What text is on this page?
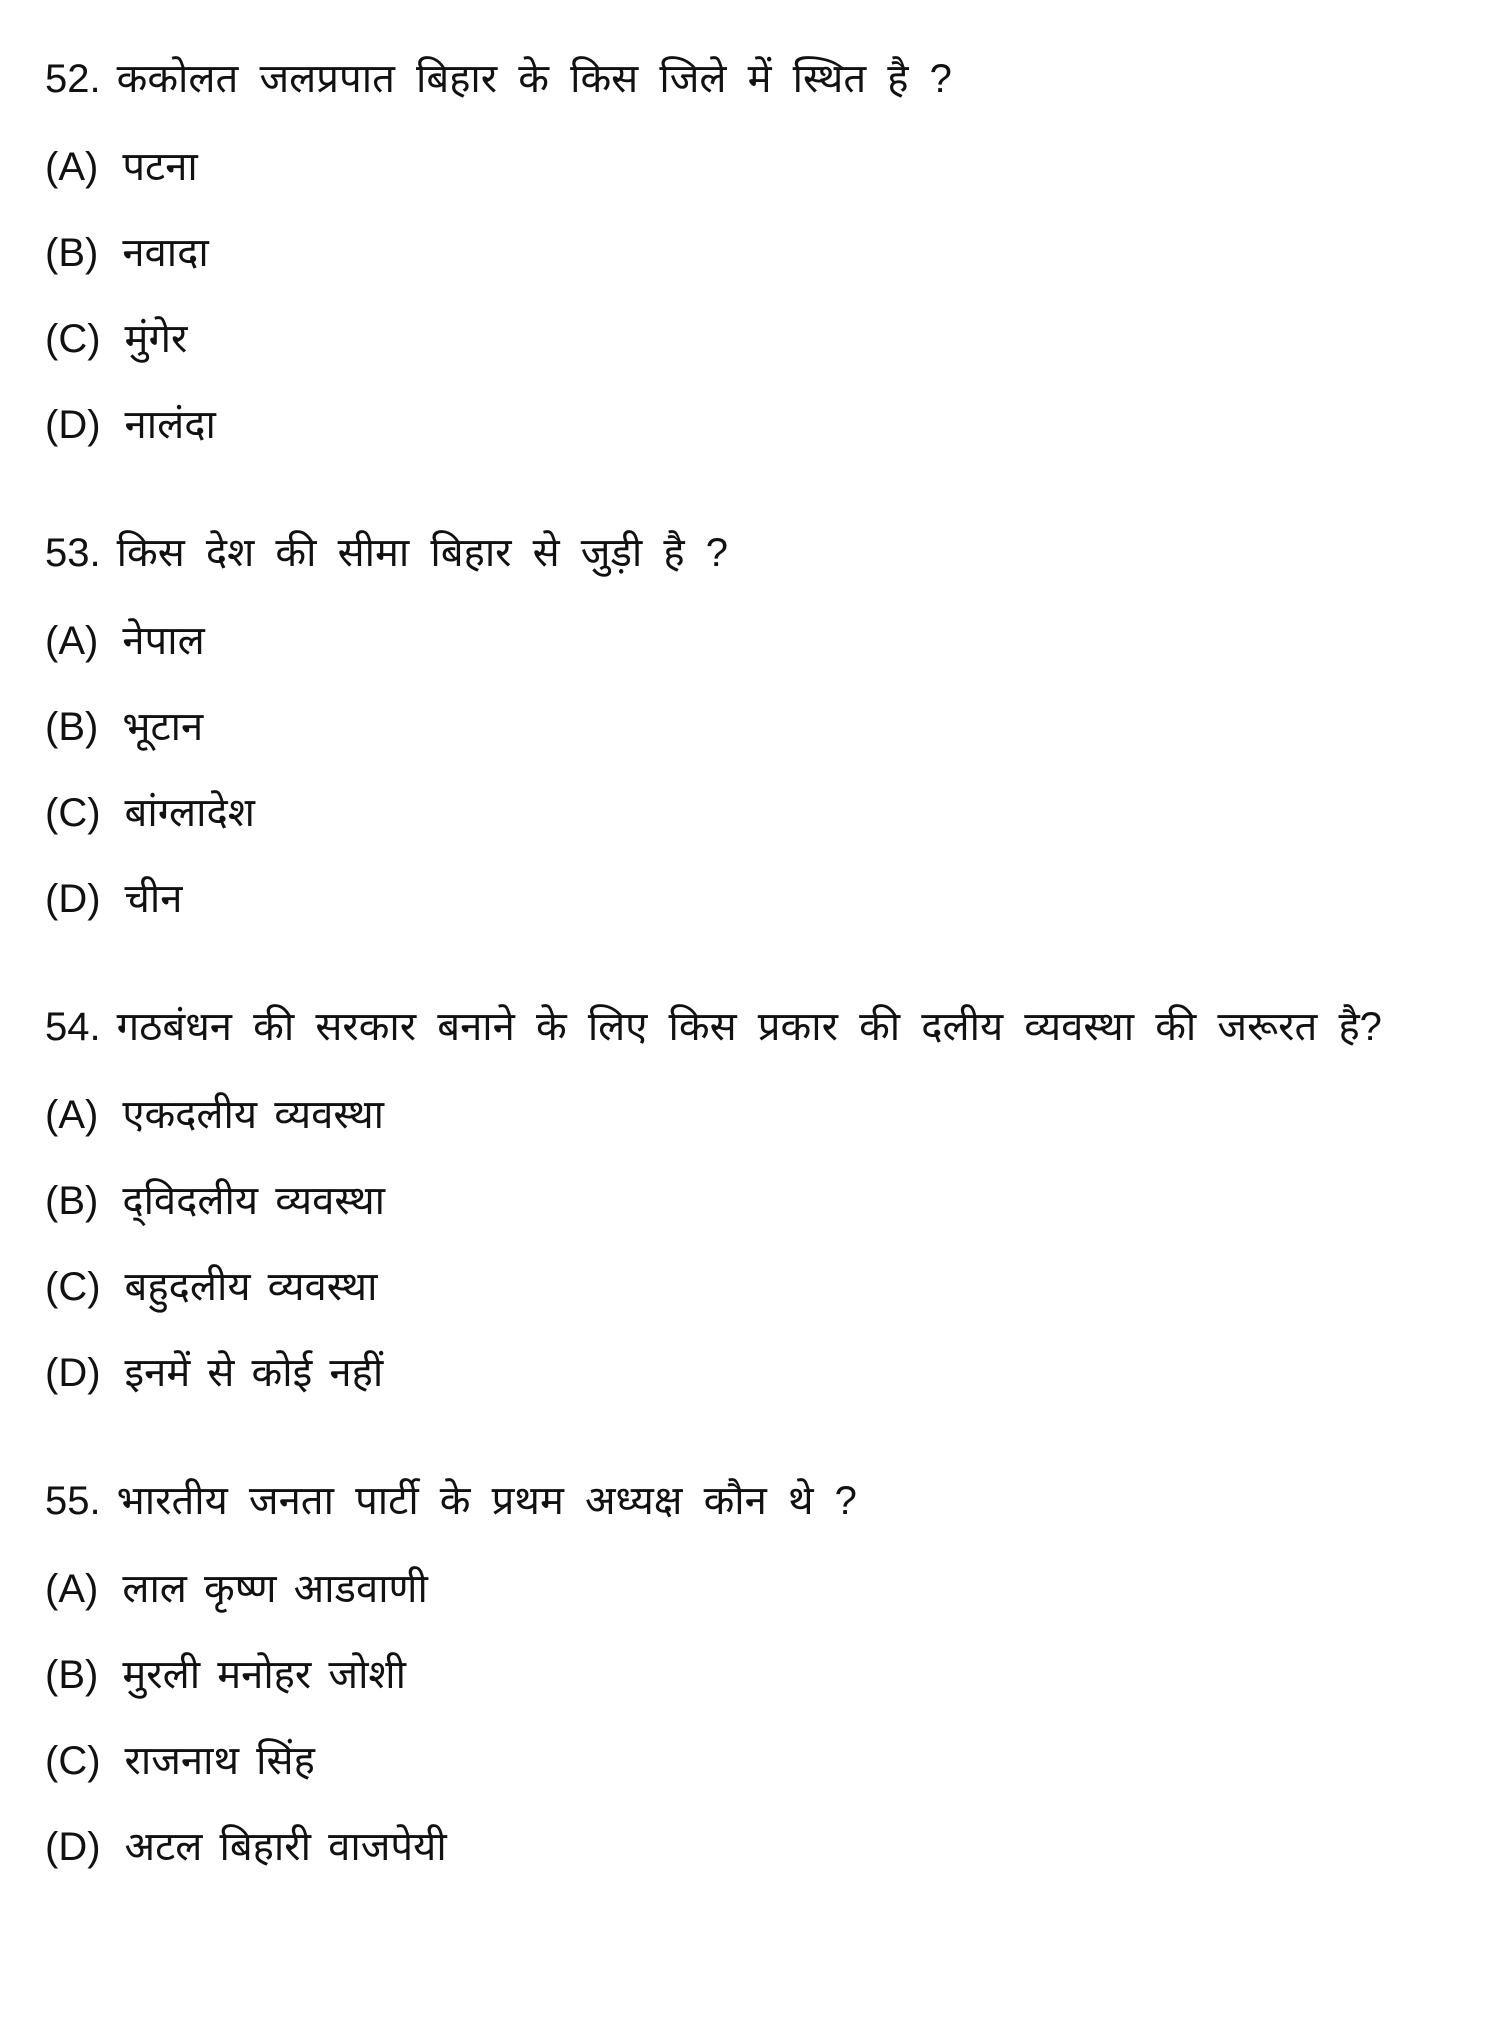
52. ककोलत जलप्रपात बिहार के किस जिले में स्थित है ?
(A) पटना
(B) नवादा
(C) मुंगेर
(D) नालंदा
53. किस देश की सीमा बिहार से जुड़ी है ?
(A) नेपाल
(B) भूटान
(C) बांग्लादेश
(D) चीन
54. गठबंधन की सरकार बनाने के लिए किस प्रकार की दलीय व्यवस्था की जरूरत है?
(A) एकदलीय व्यवस्था
(B) द्‌विदलीय व्यवस्था
(C) बहुदलीय व्यवस्था
(D) इनमें से कोई नहीं
55. भारतीय जनता पार्टी के प्रथम अध्यक्ष कौन थे ?
(A) लाल कृष्ण आडवाणी
(B) मुरली मनोहर जोशी
(C) राजनाथ सिंह
(D) अटल बिहारी वाजपेयी
